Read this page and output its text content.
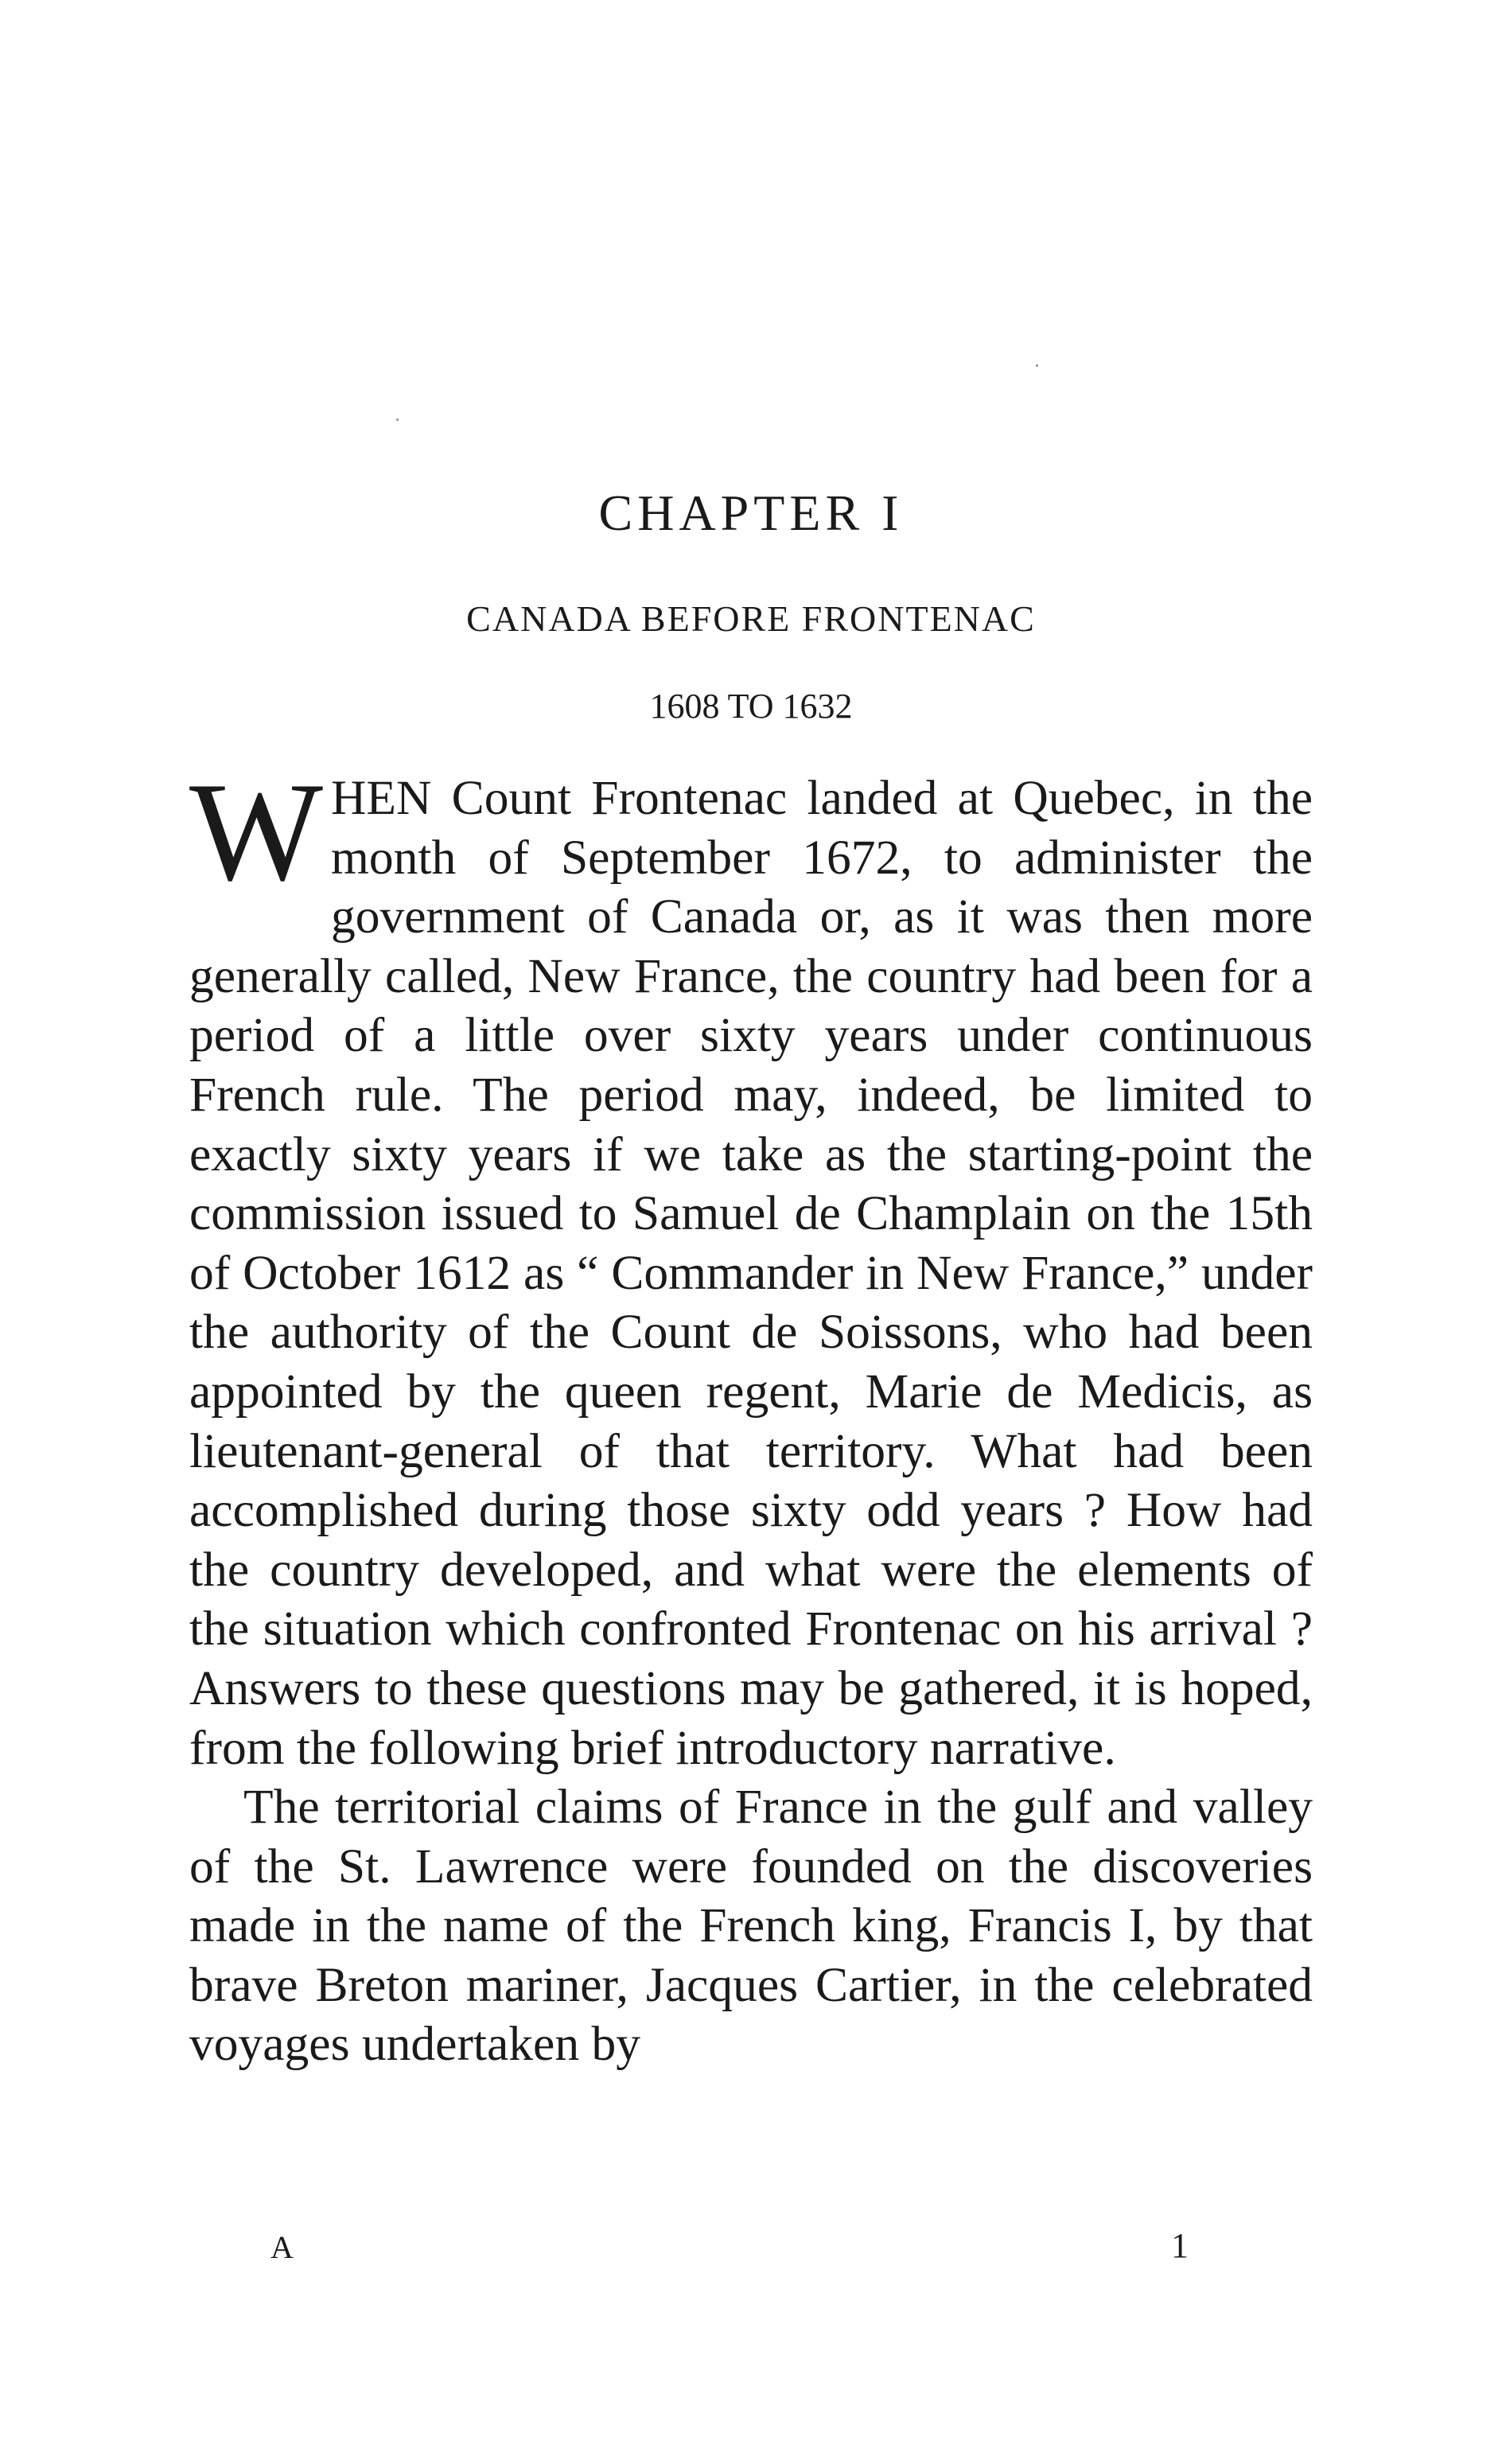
CHAPTER I
CANADA BEFORE FRONTENAC
1608 TO 1632

WHEN Count Frontenac landed at Quebec, in the month of September 1672, to administer the government of Canada or, as it was then more generally called, New France, the country had been for a period of a little over sixty years under continuous French rule. The period may, indeed, be limited to exactly sixty years if we take as the starting-point the commission issued to Samuel de Champlain on the 15th of October 1612 as “ Commander in New France,” under the authority of the Count de Soissons, who had been appointed by the queen regent, Marie de Medicis, as lieutenant-general of that territory. What had been accomplished during those sixty odd years ? How had the country developed, and what were the elements of the situation which confronted Frontenac on his arrival ? Answers to these questions may be gathered, it is hoped, from the following brief introductory narrative.

The territorial claims of France in the gulf and valley of the St. Lawrence were founded on the discoveries made in the name of the French king, Francis I, by that brave Breton mariner, Jacques Cartier, in the celebrated voyages undertaken by

A	1
